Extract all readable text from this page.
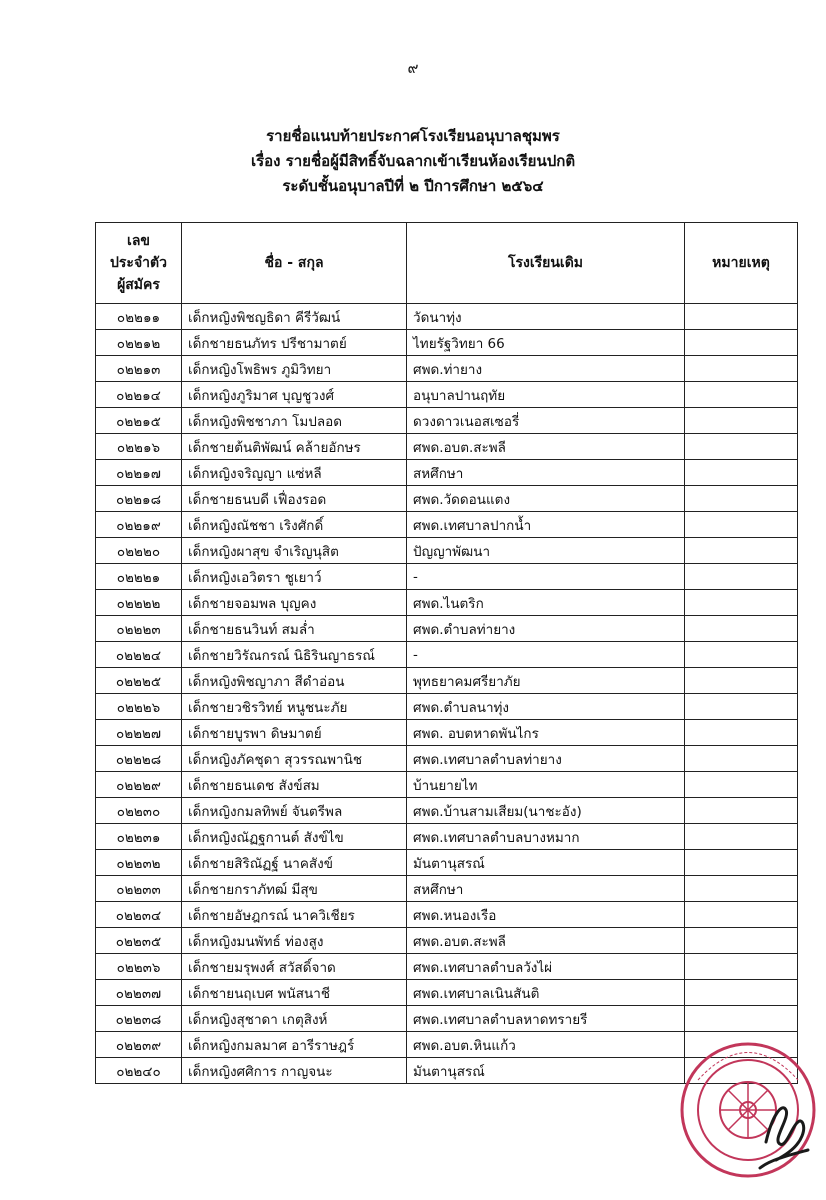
๙
รายชื่อแนบท้ายประกาศโรงเรียนอนุบาลชุมพร
เรื่อง รายชื่อผู้มีสิทธิ์จับฉลากเข้าเรียนห้องเรียนปกติ
ระดับชั้นอนุบาลปีที่ ๒ ปีการศึกษา ๒๕๖๔
เลข
ประจำตัว
ผู้สมัคร	ชื่อ - สกุล	โรงเรียนเดิม	หมายเหตุ
๐๒๒๑๑	เด็กหญิงพิชญธิดา คีรีวัฒน์	วัดนาทุ่ง	
๐๒๒๑๒	เด็กชายธนภัทร ปรีชามาตย์	ไทยรัฐวิทยา 66	
๐๒๒๑๓	เด็กหญิงโพธิพร ภูมิวิทยา	ศพด.ท่ายาง	
๐๒๒๑๔	เด็กหญิงภูริมาศ บุญชูวงศ์	อนุบาลปานฤทัย	
๐๒๒๑๕	เด็กหญิงพิชชาภา โมปลอด	ดวงดาวเนอสเซอรี่	
๐๒๒๑๖	เด็กชายต้นติพัฒน์ คล้ายอักษร	ศพด.อบต.สะพลี	
๐๒๒๑๗	เด็กหญิงจริญญา แซ่หลี	สหศึกษา	
๐๒๒๑๘	เด็กชายธนบดี เฟื่องรอด	ศพด.วัดดอนแตง	
๐๒๒๑๙	เด็กหญิงณัชชา เริงศักดิ์	ศพด.เทศบาลปากน้ำ	
๐๒๒๒๐	เด็กหญิงผาสุข จำเริญนุสิต	ปัญญาพัฒนา	
๐๒๒๒๑	เด็กหญิงเอวิตรา ชูเยาว์	-	
๐๒๒๒๒	เด็กชายจอมพล บุญคง	ศพด.ไนตริก	
๐๒๒๒๓	เด็กชายธนวินท์ สมล่ำ	ศพด.ตำบลท่ายาง	
๐๒๒๒๔	เด็กชายวิรัณกรณ์ นิธิรินญาธรณ์	-	
๐๒๒๒๕	เด็กหญิงพิชญาภา สีดำอ่อน	พุทธยาคมศรียาภัย	
๐๒๒๒๖	เด็กชายวชิรวิทย์ หนูชนะภัย	ศพด.ตำบลนาทุ่ง	
๐๒๒๒๗	เด็กชายบูรพา ดิษมาตย์	ศพด. อบตหาดพันไกร	
๐๒๒๒๘	เด็กหญิงภัคชุดา สุวรรณพานิช	ศพด.เทศบาลตำบลท่ายาง	
๐๒๒๒๙	เด็กชายธนเดช สังข์สม	บ้านยายไท	
๐๒๒๓๐	เด็กหญิงกมลทิพย์ จันตรีพล	ศพด.บ้านสามเสียม(นาชะอัง)	
๐๒๒๓๑	เด็กหญิงณัฏฐกานต์ สังข์ไข	ศพด.เทศบาลตำบลบางหมาก	
๐๒๒๓๒	เด็กชายสิริณัฏฐ์ นาคสังข์	มันตานุสรณ์	
๐๒๒๓๓	เด็กชายกราภัทฒ์ มีสุข	สหศึกษา	
๐๒๒๓๔	เด็กชายอัษฎกรณ์ นาควิเชียร	ศพด.หนองเรือ	
๐๒๒๓๕	เด็กหญิงมนพัทธ์ ท่องสูง	ศพด.อบต.สะพลี	
๐๒๒๓๖	เด็กชายมรุพงศ์ สวัสดิ์จาด	ศพด.เทศบาลตำบลวังไผ่	
๐๒๒๓๗	เด็กชายนฤเบศ พนัสนาชี	ศพด.เทศบาลเนินสันติ	
๐๒๒๓๘	เด็กหญิงสุชาดา เกตุสิงห์	ศพด.เทศบาลตำบลหาดทรายรี	
๐๒๒๓๙	เด็กหญิงกมลมาศ อารีราษฎร์	ศพด.อบต.หินแก้ว	
๐๒๒๔๐	เด็กหญิงศศิการ กาญจนะ	มันตานุสรณ์	
